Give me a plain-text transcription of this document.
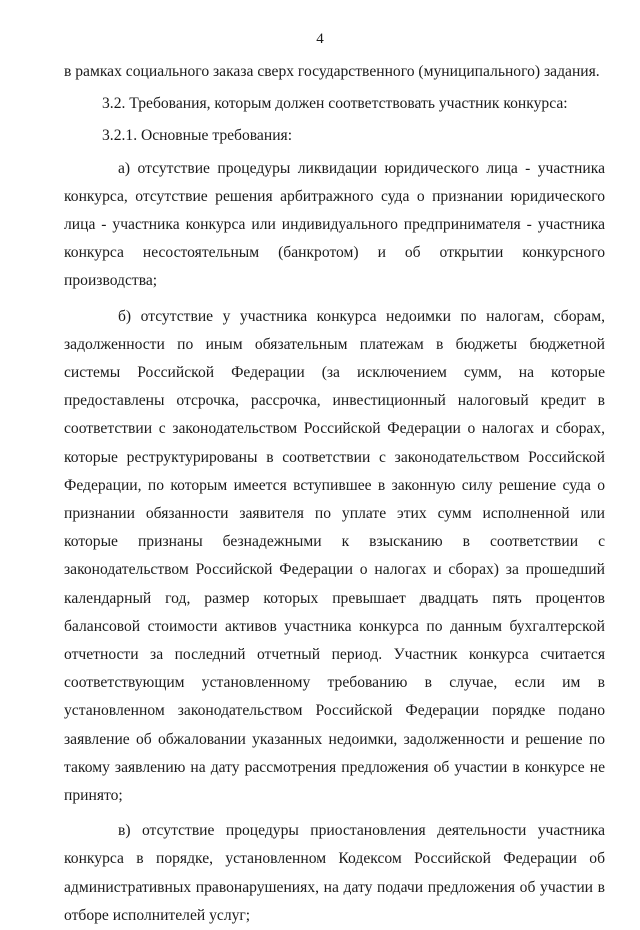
4

в рамках социального заказа сверх государственного (муниципального) задания.

3.2. Требования, которым должен соответствовать участник конкурса:

3.2.1. Основные требования:

а) отсутствие процедуры ликвидации юридического лица - участника конкурса, отсутствие решения арбитражного суда о признании юридического лица - участника конкурса или индивидуального предпринимателя - участника конкурса несостоятельным (банкротом) и об открытии конкурсного производства;

б) отсутствие у участника конкурса недоимки по налогам, сборам, задолженности по иным обязательным платежам в бюджеты бюджетной системы Российской Федерации (за исключением сумм, на которые предоставлены отсрочка, рассрочка, инвестиционный налоговый кредит в соответствии с законодательством Российской Федерации о налогах и сборах, которые реструктурированы в соответствии с законодательством Российской Федерации, по которым имеется вступившее в законную силу решение суда о признании обязанности заявителя по уплате этих сумм исполненной или которые признаны безнадежными к взысканию в соответствии с законодательством Российской Федерации о налогах и сборах) за прошедший календарный год, размер которых превышает двадцать пять процентов балансовой стоимости активов участника конкурса по данным бухгалтерской отчетности за последний отчетный период. Участник конкурса считается соответствующим установленному требованию в случае, если им в установленном законодательством Российской Федерации порядке подано заявление об обжаловании указанных недоимки, задолженности и решение по такому заявлению на дату рассмотрения предложения об участии в конкурсе не принято;

в) отсутствие процедуры приостановления деятельности участника конкурса в порядке, установленном Кодексом Российской Федерации об административных правонарушениях, на дату подачи предложения об участии в отборе исполнителей услуг;
